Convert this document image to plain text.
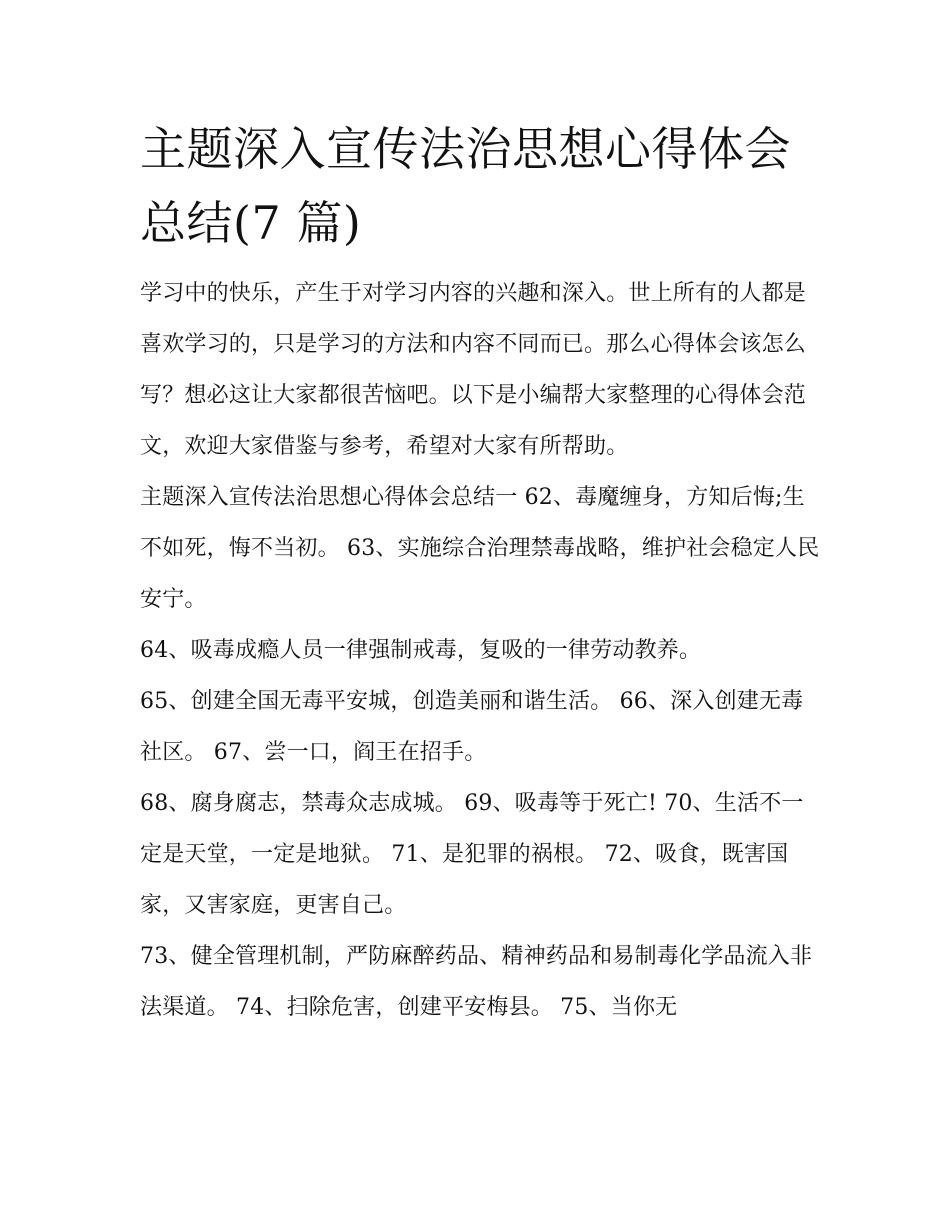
主题深入宣传法治思想心得体会总结(7 篇)

学习中的快乐，产生于对学习内容的兴趣和深入。世上所有的人都是喜欢学习的，只是学习的方法和内容不同而已。那么心得体会该怎么写？想必这让大家都很苦恼吧。以下是小编帮大家整理的心得体会范文，欢迎大家借鉴与参考，希望对大家有所帮助。

主题深入宣传法治思想心得体会总结一 62、毒魔缠身，方知后悔;生不如死，悔不当初。 63、实施综合治理禁毒战略，维护社会稳定人民安宁。

64、吸毒成瘾人员一律强制戒毒，复吸的一律劳动教养。

65、创建全国无毒平安城，创造美丽和谐生活。 66、深入创建无毒社区。 67、尝一口，阎王在招手。

68、腐身腐志，禁毒众志成城。 69、吸毒等于死亡! 70、生活不一定是天堂，一定是地狱。 71、是犯罪的祸根。 72、吸食，既害国家，又害家庭，更害自己。

73、健全管理机制，严防麻醉药品、精神药品和易制毒化学品流入非法渠道。 74、扫除危害，创建平安梅县。 75、当你无
